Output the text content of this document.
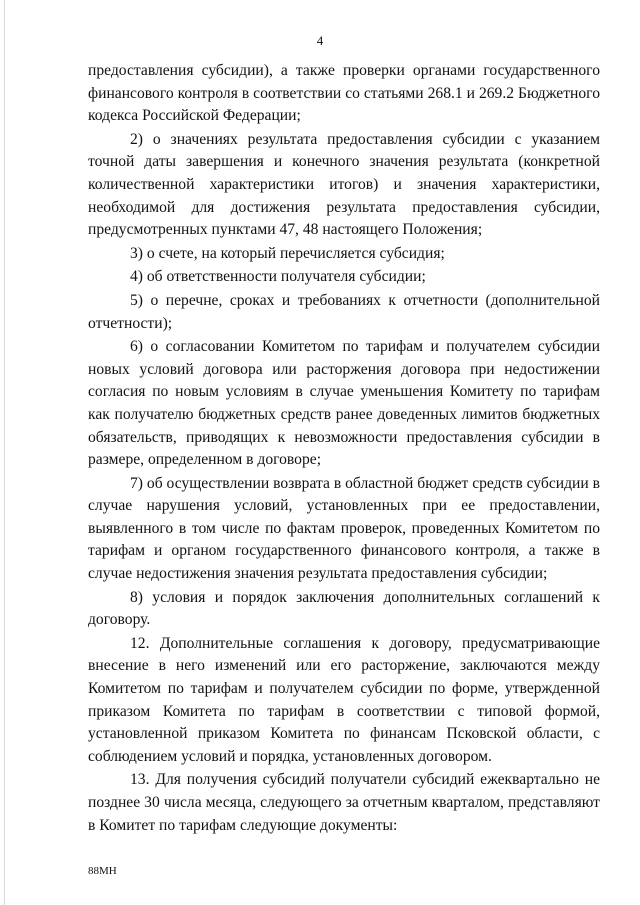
4

предоставления субсидии), а также проверки органами государственного финансового контроля в соответствии со статьями 268.1 и 269.2 Бюджетного кодекса Российской Федерации;

2) о значениях результата предоставления субсидии с указанием точной даты завершения и конечного значения результата (конкретной количественной характеристики итогов) и значения характеристики, необходимой для достижения результата предоставления субсидии, предусмотренных пунктами 47, 48 настоящего Положения;

3) о счете, на который перечисляется субсидия;

4) об ответственности получателя субсидии;

5) о перечне, сроках и требованиях к отчетности (дополнительной отчетности);

6) о согласовании Комитетом по тарифам и получателем субсидии новых условий договора или расторжения договора при недостижении согласия по новым условиям в случае уменьшения Комитету по тарифам как получателю бюджетных средств ранее доведенных лимитов бюджетных обязательств, приводящих к невозможности предоставления субсидии в размере, определенном в договоре;

7) об осуществлении возврата в областной бюджет средств субсидии в случае нарушения условий, установленных при ее предоставлении, выявленного в том числе по фактам проверок, проведенных Комитетом по тарифам и органом государственного финансового контроля, а также в случае недостижения значения результата предоставления субсидии;

8) условия и порядок заключения дополнительных соглашений к договору.

12. Дополнительные соглашения к договору, предусматривающие внесение в него изменений или его расторжение, заключаются между Комитетом по тарифам и получателем субсидии по форме, утвержденной приказом Комитета по тарифам в соответствии с типовой формой, установленной приказом Комитета по финансам Псковской области, с соблюдением условий и порядка, установленных договором.

13. Для получения субсидий получатели субсидий ежеквартально не позднее 30 числа месяца, следующего за отчетным кварталом, представляют в Комитет по тарифам следующие документы:

88МН
